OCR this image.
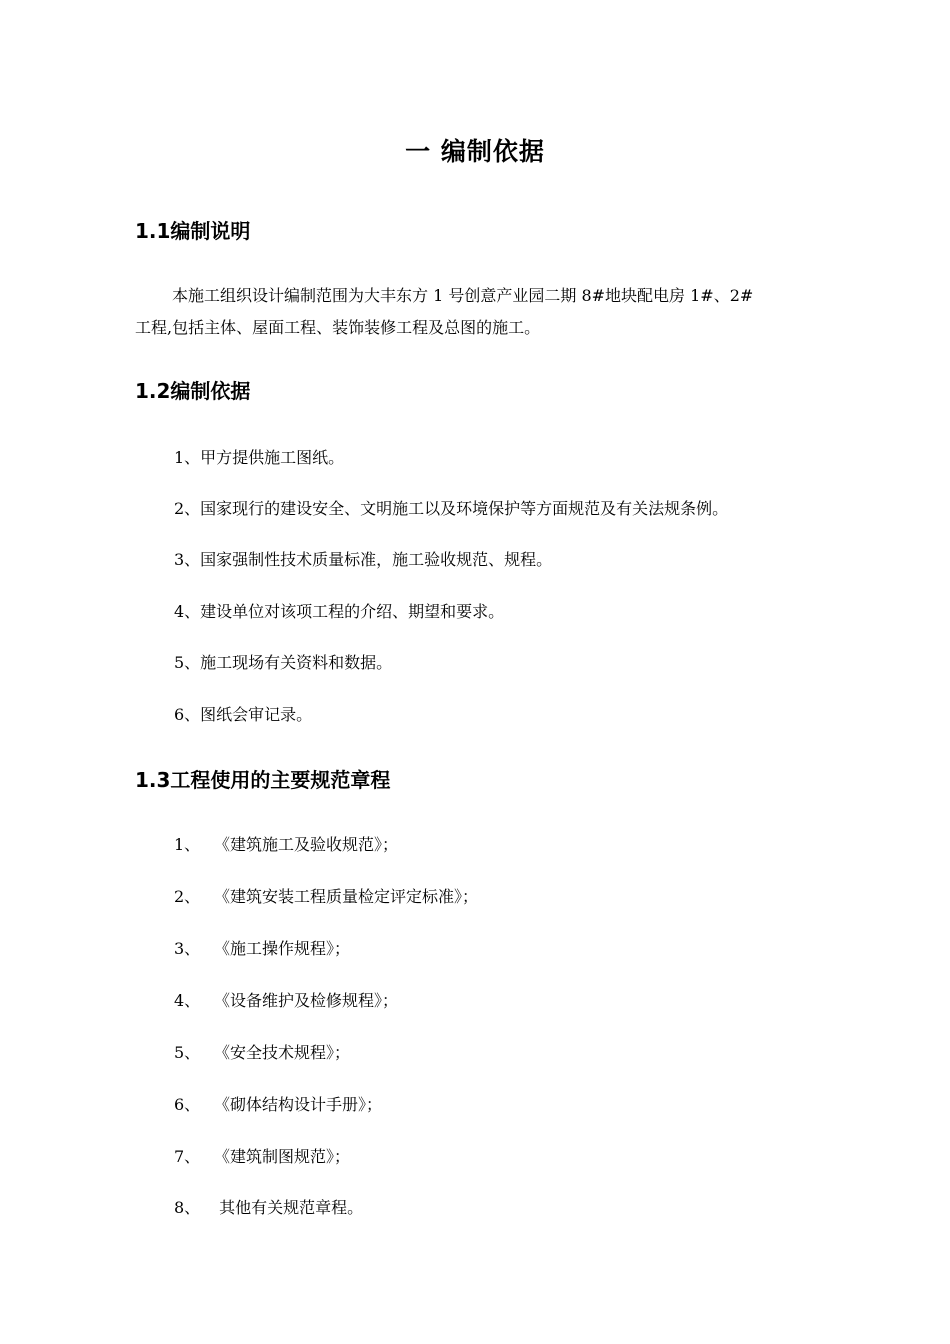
一 编制依据
1.1编制说明

本施工组织设计编制范围为大丰东方 1 号创意产业园二期 8#地块配电房 1#、2#

工程,包括主体、屋面工程、装饰装修工程及总图的施工。

1.2编制依据

1、甲方提供施工图纸。

2、国家现行的建设安全、文明施工以及环境保护等方面规范及有关法规条例。

3、国家强制性技术质量标准，施工验收规范、规程。

4、建设单位对该项工程的介绍、期望和要求。

5、施工现场有关资料和数据。

6、图纸会审记录。

1.3工程使用的主要规范章程

1、 《建筑施工及验收规范》；

2、 《建筑安装工程质量检定评定标准》；

3、 《施工操作规程》；

4、 《设备维护及检修规程》；

5、 《安全技术规程》；

6、 《砌体结构设计手册》；

7、 《建筑制图规范》；

8、 其他有关规范章程。
